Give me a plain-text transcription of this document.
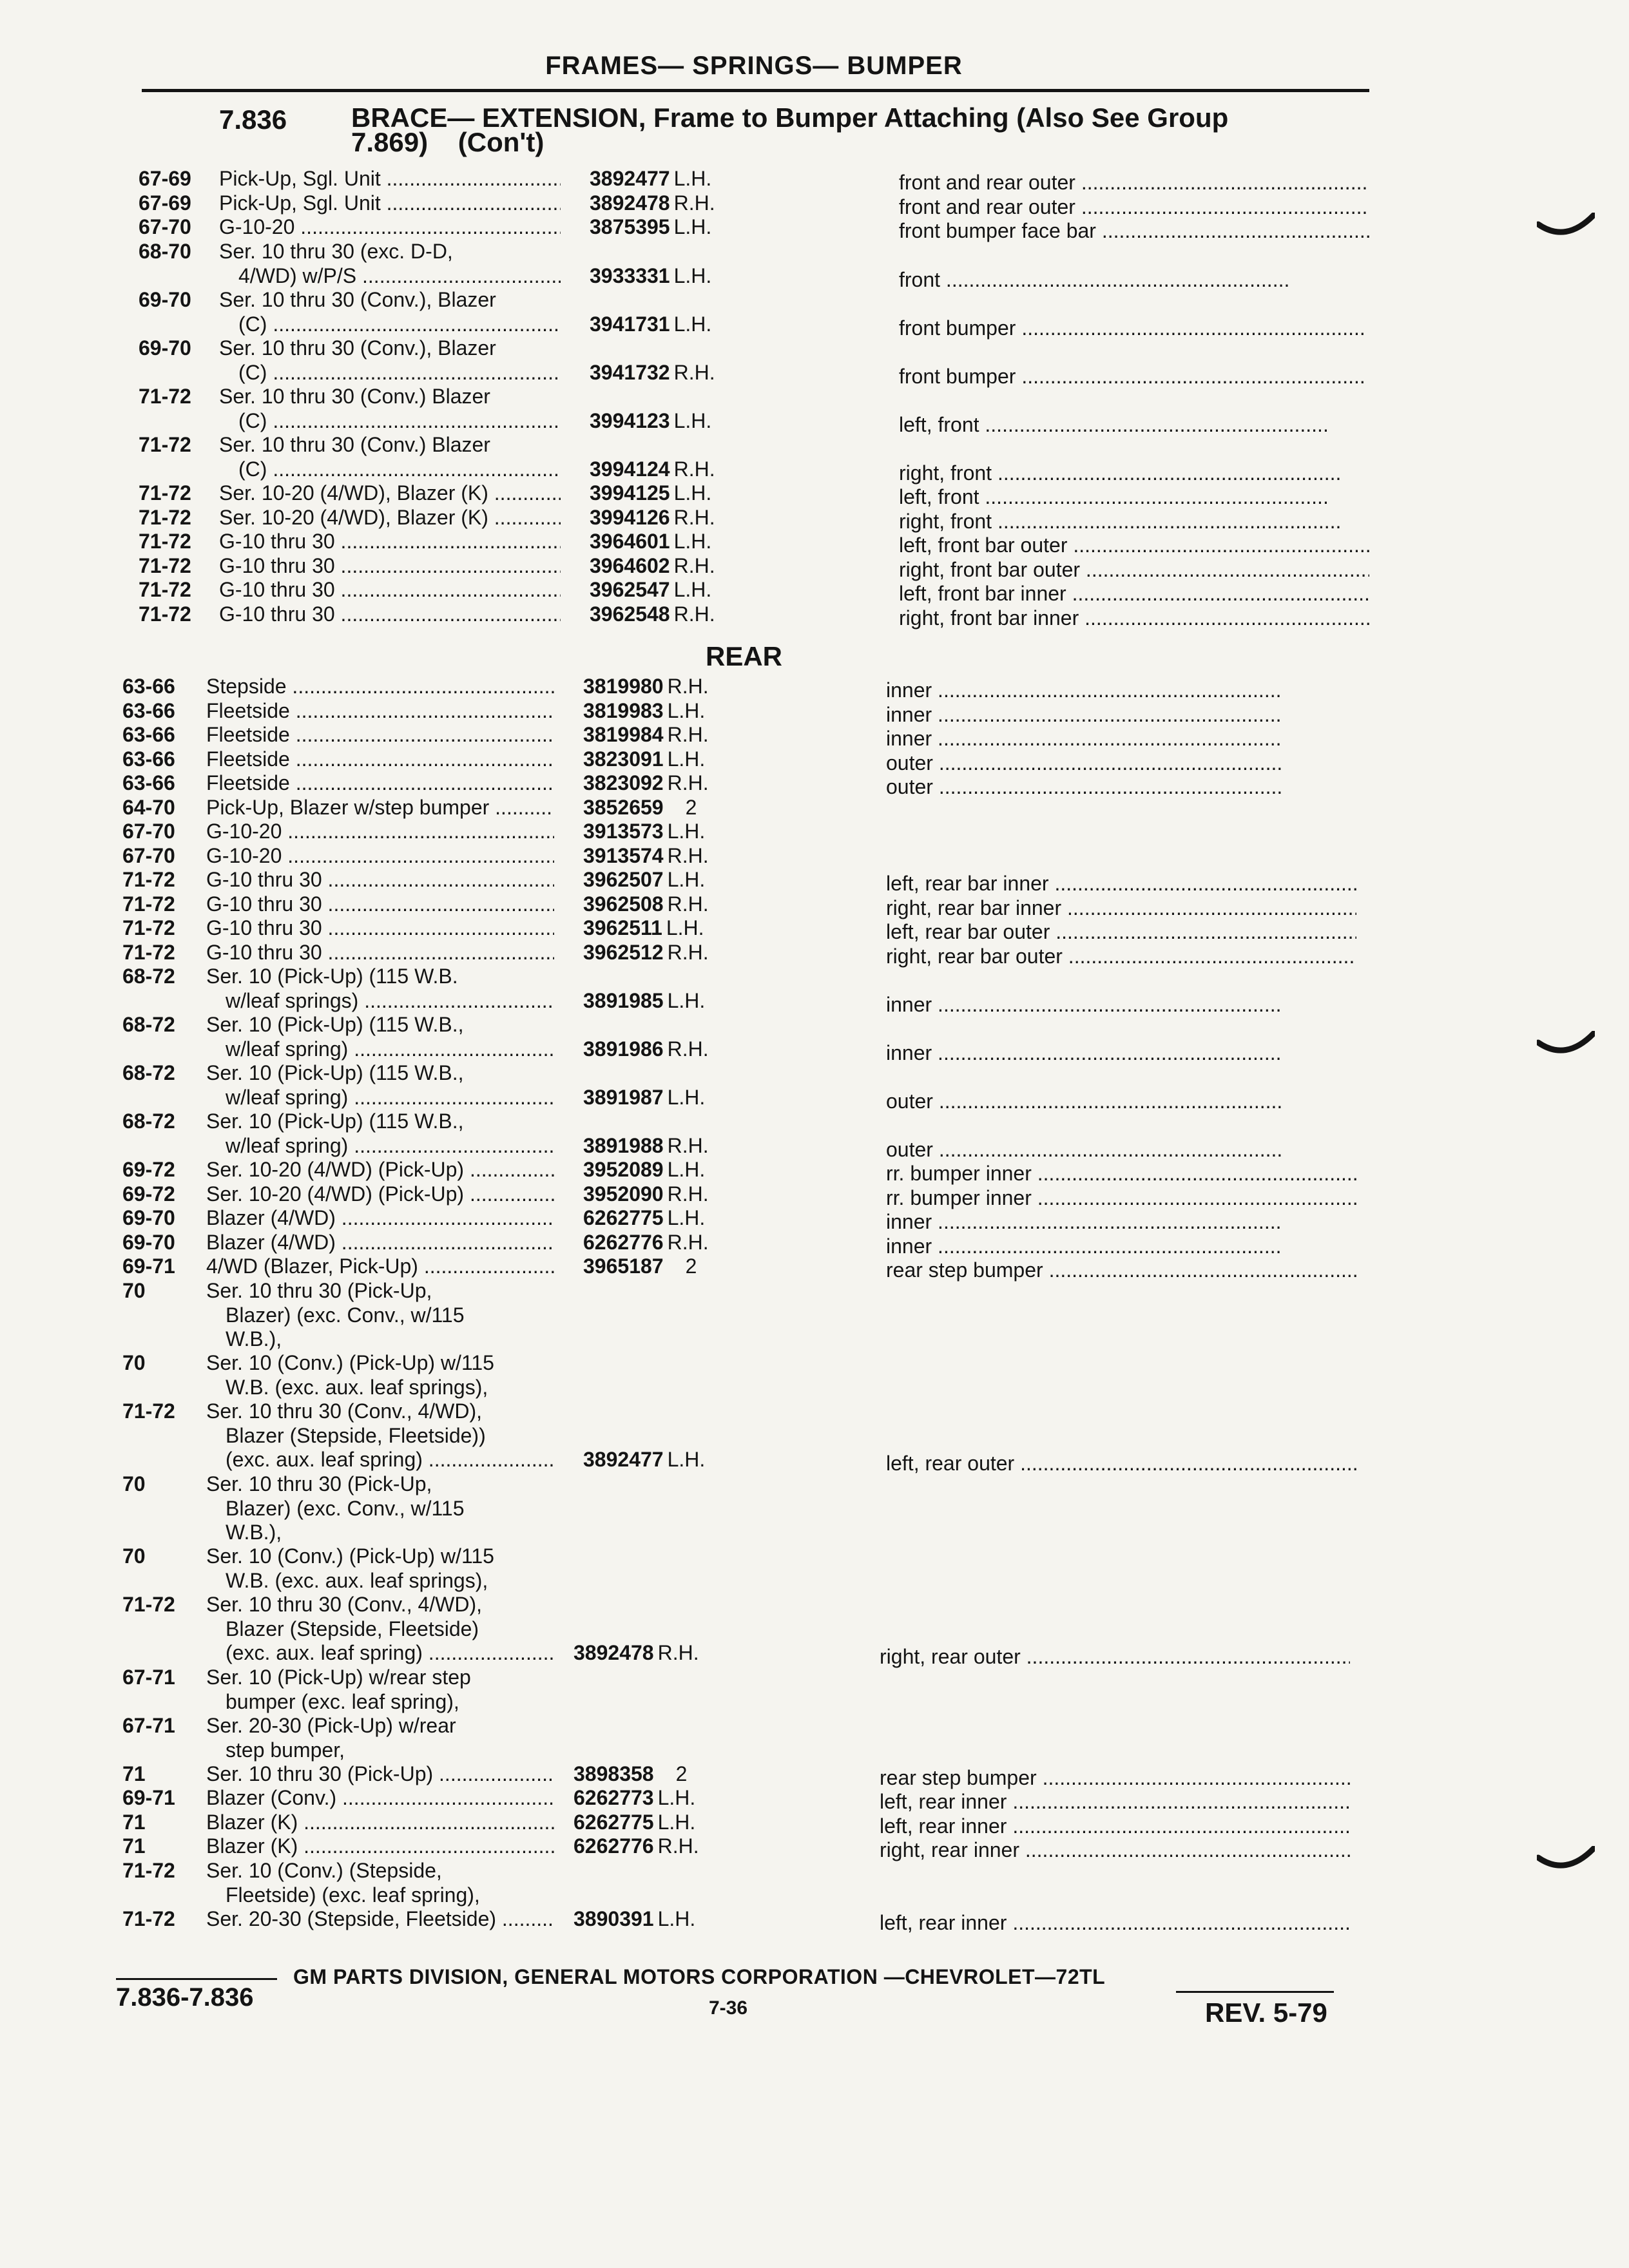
FRAMES— SPRINGS— BUMPER
7.836 BRACE— EXTENSION, Frame to Bumper Attaching (Also See Group
7.869)    (Con't)
REAR
67-69 Pick-Up, Sgl. Unit .....	3892477 L.H.	front and rear outer .....
67-69 Pick-Up, Sgl. Unit .....	3892478 R.H.	front and rear outer .....
67-70 G-10-20 .....	3875395 L.H.	front bumper face bar .....
68-70 Ser. 10 thru 30 (exc. D-D,
4/WD) w/P/S .....	3933331 L.H.	front .....
69-70 Ser. 10 thru 30 (Conv.), Blazer
(C) .....	3941731 L.H.	front bumper .....
69-70 Ser. 10 thru 30 (Conv.), Blazer
(C) .....	3941732 R.H.	front bumper .....
71-72 Ser. 10 thru 30 (Conv.) Blazer
(C) .....	3994123 L.H.	left, front .....
71-72 Ser. 10 thru 30 (Conv.) Blazer
(C) .....	3994124 R.H.	right, front .....
71-72 Ser. 10-20 (4/WD), Blazer (K) .....	3994125 L.H.	left, front .....
71-72 Ser. 10-20 (4/WD), Blazer (K) .....	3994126 R.H.	right, front .....
71-72 G-10 thru 30 .....	3964601 L.H.	left, front bar outer .....
71-72 G-10 thru 30 .....	3964602 R.H.	right, front bar outer .....
71-72 G-10 thru 30 .....	3962547 L.H.	left, front bar inner .....
71-72 G-10 thru 30 .....	3962548 R.H.	right, front bar inner .....
63-66 Stepside .....	3819980 R.H.	inner .....
63-66 Fleetside .....	3819983 L.H.	inner .....
63-66 Fleetside .....	3819984 R.H.	inner .....
63-66 Fleetside .....	3823091 L.H.	outer .....
63-66 Fleetside .....	3823092 R.H.	outer .....
64-70 Pick-Up, Blazer w/step bumper .....	3852659 2
67-70 G-10-20 .....	3913573 L.H.
67-70 G-10-20 .....	3913574 R.H.
71-72 G-10 thru 30 .....	3962507 L.H.	left, rear bar inner .....
71-72 G-10 thru 30 .....	3962508 R.H.	right, rear bar inner .....
71-72 G-10 thru 30 .....	3962511 L.H.	left, rear bar outer .....
71-72 G-10 thru 30 .....	3962512 R.H.	right, rear bar outer .....
68-72 Ser. 10 (Pick-Up) (115 W.B.
w/leaf springs) .....	3891985 L.H.	inner .....
68-72 Ser. 10 (Pick-Up) (115 W.B.,
w/leaf spring) .....	3891986 R.H.	inner .....
68-72 Ser. 10 (Pick-Up) (115 W.B.,
w/leaf spring) .....	3891987 L.H.	outer .....
68-72 Ser. 10 (Pick-Up) (115 W.B.,
w/leaf spring) .....	3891988 R.H.	outer .....
69-72 Ser. 10-20 (4/WD) (Pick-Up) .....	3952089 L.H.	rr. bumper inner .....
69-72 Ser. 10-20 (4/WD) (Pick-Up) .....	3952090 R.H.	rr. bumper inner .....
69-70 Blazer (4/WD) .....	6262775 L.H.	inner .....
69-70 Blazer (4/WD) .....	6262776 R.H.	inner .....
69-71 4/WD (Blazer, Pick-Up) .....	3965187 2	rear step bumper .....
70	Ser. 10 thru 30 (Pick-Up,
Blazer) (exc. Conv., w/115
W.B.),
70	Ser. 10 (Conv.) (Pick-Up) w/115
W.B. (exc. aux. leaf springs),
71-72 Ser. 10 thru 30 (Conv., 4/WD),
Blazer (Stepside, Fleetside))
(exc. aux. leaf spring) .....	3892477 L.H.	left, rear outer .....
70	Ser. 10 thru 30 (Pick-Up,
Blazer) (exc. Conv., w/115
W.B.),
70	Ser. 10 (Conv.) (Pick-Up) w/115
W.B. (exc. aux. leaf springs),
71-72 Ser. 10 thru 30 (Conv., 4/WD),
Blazer (Stepside, Fleetside)
(exc. aux. leaf spring) .....	3892478 R.H.	right, rear outer .....
67-71 Ser. 10 (Pick-Up) w/rear step
bumper (exc. leaf spring),
67-71 Ser. 20-30 (Pick-Up) w/rear
step bumper,
71	Ser. 10 thru 30 (Pick-Up) .....	3898358 2	rear step bumper .....
69-71 Blazer (Conv.) .....	6262773 L.H.	left, rear inner .....
71	Blazer (K) .....	6262775 L.H.	left, rear inner .....
71	Blazer (K) .....	6262776 R.H.	right, rear inner .....
71-72 Ser. 10 (Conv.) (Stepside,
Fleetside) (exc. leaf spring),
71-72 Ser. 20-30 (Stepside, Fleetside) .....	3890391 L.H.	left, rear inner .....
7.836-7.836
GM PARTS DIVISION, GENERAL MOTORS CORPORATION —CHEVROLET—72TL
7-36	REV. 5-79
